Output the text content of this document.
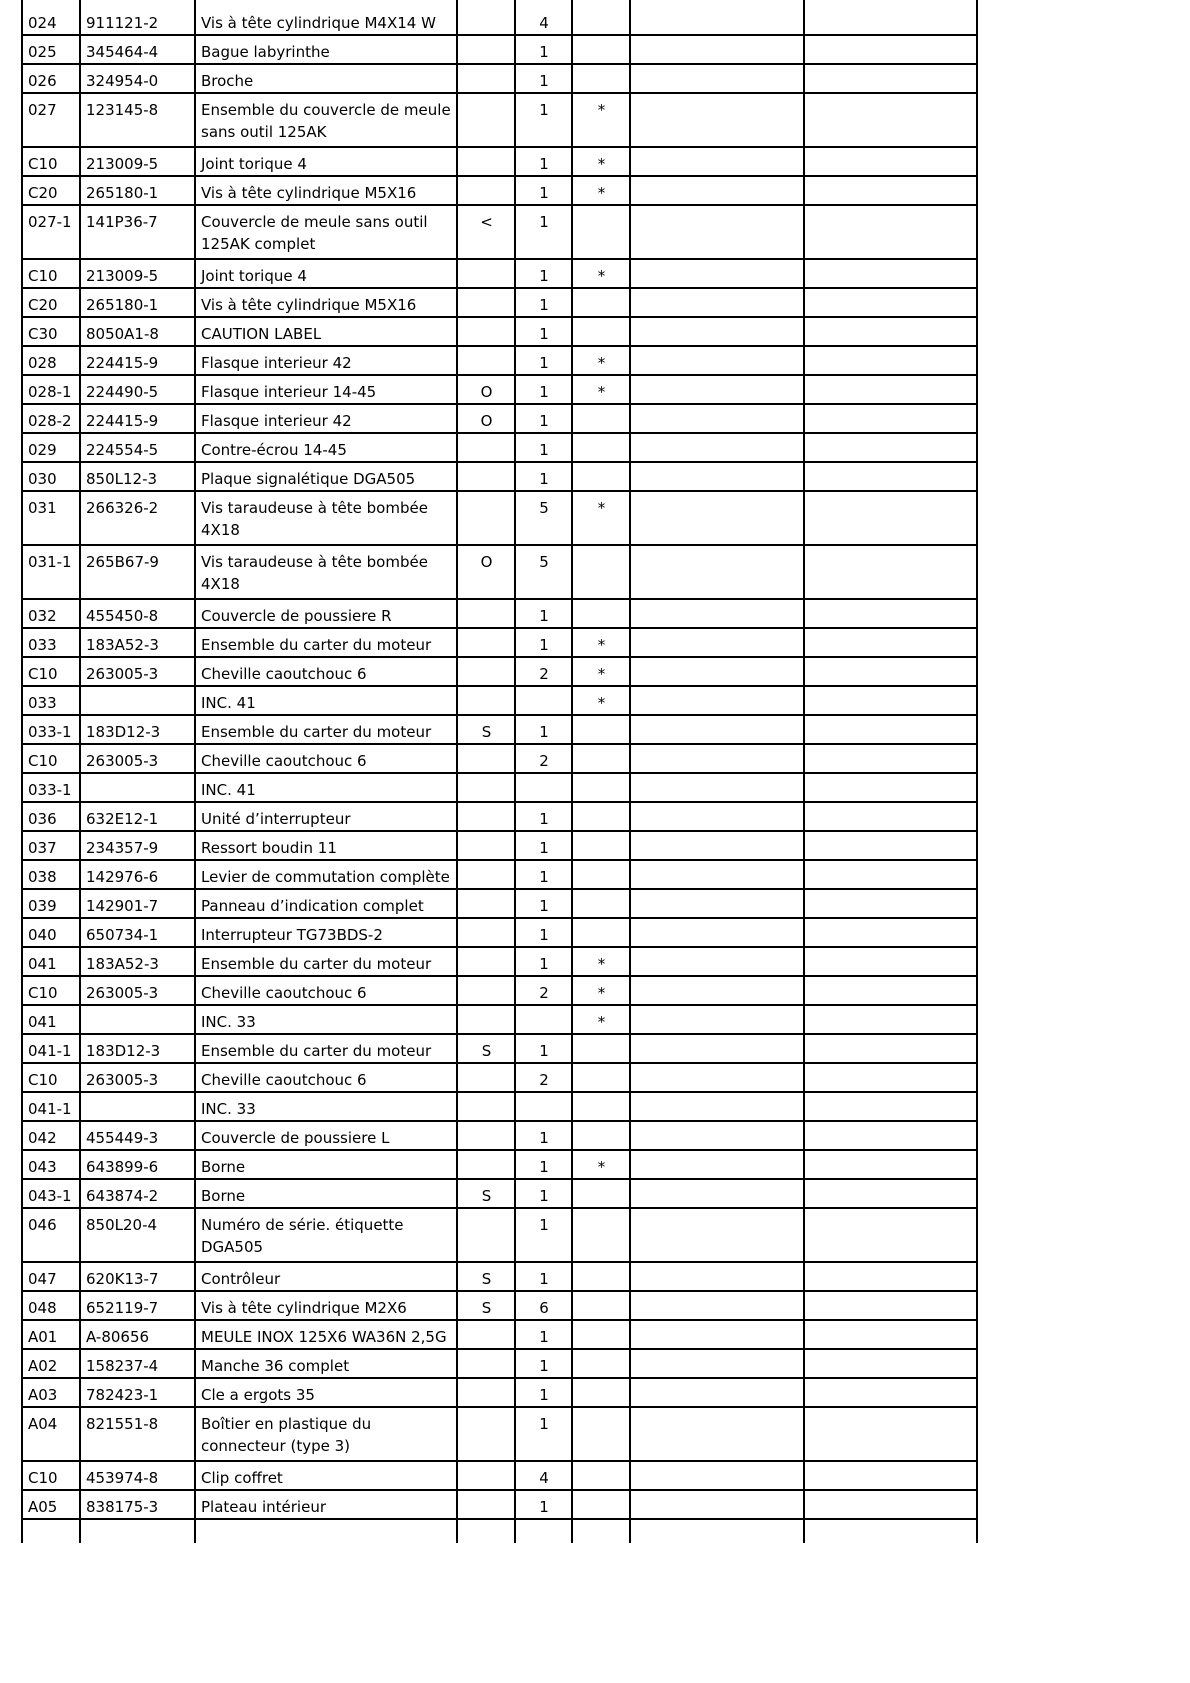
024	911121-2	Vis à tête cylindrique M4X14 W		4			
025	345464-4	Bague labyrinthe		1			
026	324954-0	Broche		1			
027	123145-8	Ensemble du couvercle de meule sans outil 125AK		1	*		
C10	213009-5	Joint torique 4		1	*		
C20	265180-1	Vis à tête cylindrique M5X16		1	*		
027-1	141P36-7	Couvercle de meule sans outil 125AK complet	<	1			
C10	213009-5	Joint torique 4		1	*		
C20	265180-1	Vis à tête cylindrique M5X16		1			
C30	8050A1-8	CAUTION LABEL		1			
028	224415-9	Flasque interieur 42		1	*		
028-1	224490-5	Flasque interieur 14-45	O	1	*		
028-2	224415-9	Flasque interieur 42	O	1			
029	224554-5	Contre-écrou 14-45		1			
030	850L12-3	Plaque signalétique DGA505		1			
031	266326-2	Vis taraudeuse à tête bombée 4X18		5	*		
031-1	265B67-9	Vis taraudeuse à tête bombée 4X18	O	5			
032	455450-8	Couvercle de poussiere R		1			
033	183A52-3	Ensemble du carter du moteur		1	*		
C10	263005-3	Cheville caoutchouc 6		2	*		
033		INC. 41			*		
033-1	183D12-3	Ensemble du carter du moteur	S	1			
C10	263005-3	Cheville caoutchouc 6		2			
033-1		INC. 41					
036	632E12-1	Unité d’interrupteur		1			
037	234357-9	Ressort boudin 11		1			
038	142976-6	Levier de commutation complète		1			
039	142901-7	Panneau d’indication complet		1			
040	650734-1	Interrupteur TG73BDS-2		1			
041	183A52-3	Ensemble du carter du moteur		1	*		
C10	263005-3	Cheville caoutchouc 6		2	*		
041		INC. 33			*		
041-1	183D12-3	Ensemble du carter du moteur	S	1			
C10	263005-3	Cheville caoutchouc 6		2			
041-1		INC. 33					
042	455449-3	Couvercle de poussiere L		1			
043	643899-6	Borne		1	*		
043-1	643874-2	Borne	S	1			
046	850L20-4	Numéro de série. étiquette DGA505		1			
047	620K13-7	Contrôleur	S	1			
048	652119-7	Vis à tête cylindrique M2X6	S	6			
A01	A-80656	MEULE INOX 125X6 WA36N 2,5G		1			
A02	158237-4	Manche 36 complet		1			
A03	782423-1	Cle a ergots 35		1			
A04	821551-8	Boîtier en plastique du connecteur (type 3)		1			
C10	453974-8	Clip coffret		4			
A05	838175-3	Plateau intérieur		1			
